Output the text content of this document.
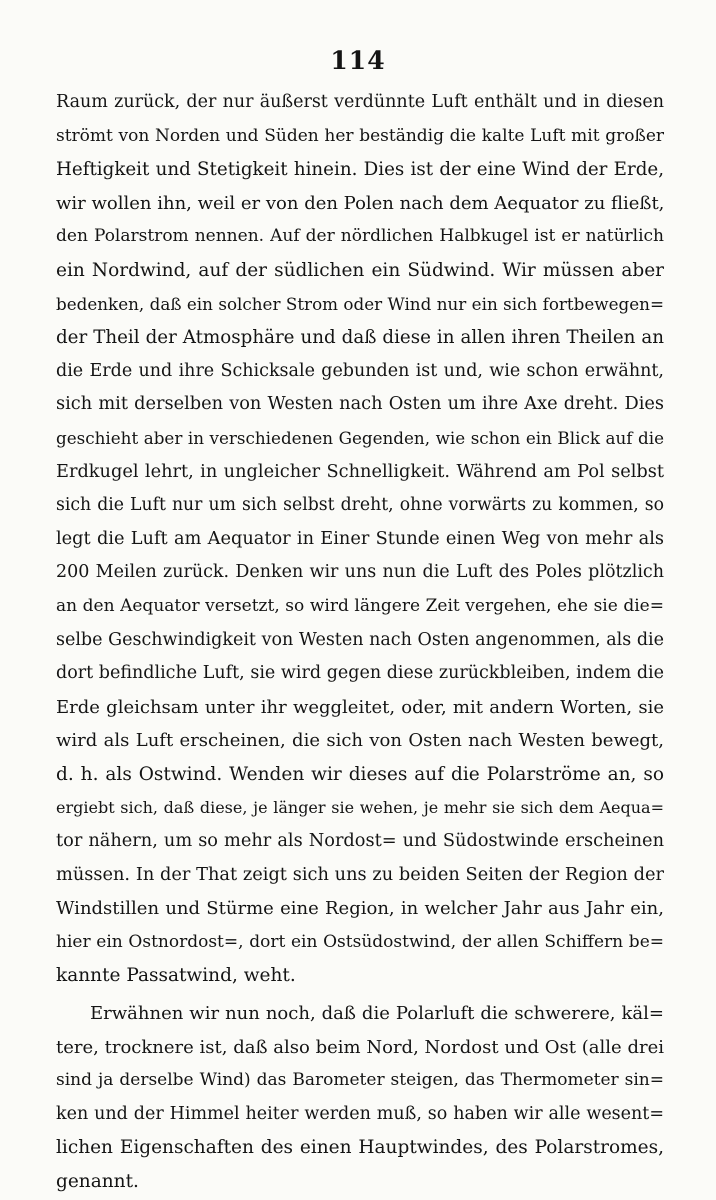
114
Raum zurück, der nur äußerst verdünnte Luft enthält und in diesen
strömt von Norden und Süden her beständig die kalte Luft mit großer
Heftigkeit und Stetigkeit hinein. Dies ist der eine Wind der Erde,
wir wollen ihn, weil er von den Polen nach dem Aequator zu fließt,
den Polarstrom nennen. Auf der nördlichen Halbkugel ist er natürlich
ein Nordwind, auf der südlichen ein Südwind. Wir müssen aber
bedenken, daß ein solcher Strom oder Wind nur ein sich fortbewegen=
der Theil der Atmosphäre und daß diese in allen ihren Theilen an
die Erde und ihre Schicksale gebunden ist und, wie schon erwähnt,
sich mit derselben von Westen nach Osten um ihre Axe dreht. Dies
geschieht aber in verschiedenen Gegenden, wie schon ein Blick auf die
Erdkugel lehrt, in ungleicher Schnelligkeit. Während am Pol selbst
sich die Luft nur um sich selbst dreht, ohne vorwärts zu kommen, so
legt die Luft am Aequator in Einer Stunde einen Weg von mehr als
200 Meilen zurück. Denken wir uns nun die Luft des Poles plötzlich
an den Aequator versetzt, so wird längere Zeit vergehen, ehe sie die=
selbe Geschwindigkeit von Westen nach Osten angenommen, als die
dort befindliche Luft, sie wird gegen diese zurückbleiben, indem die
Erde gleichsam unter ihr weggleitet, oder, mit andern Worten, sie
wird als Luft erscheinen, die sich von Osten nach Westen bewegt,
d. h. als Ostwind. Wenden wir dieses auf die Polarströme an, so
ergiebt sich, daß diese, je länger sie wehen, je mehr sie sich dem Aequa=
tor nähern, um so mehr als Nordost= und Südostwinde erscheinen
müssen. In der That zeigt sich uns zu beiden Seiten der Region der
Windstillen und Stürme eine Region, in welcher Jahr aus Jahr ein,
hier ein Ostnordost=, dort ein Ostsüdostwind, der allen Schiffern be=
kannte Passatwind, weht.
Erwähnen wir nun noch, daß die Polarluft die schwerere, käl=
tere, trocknere ist, daß also beim Nord, Nordost und Ost (alle drei
sind ja derselbe Wind) das Barometer steigen, das Thermometer sin=
ken und der Himmel heiter werden muß, so haben wir alle wesent=
lichen Eigenschaften des einen Hauptwindes, des Polarstromes,
genannt.
